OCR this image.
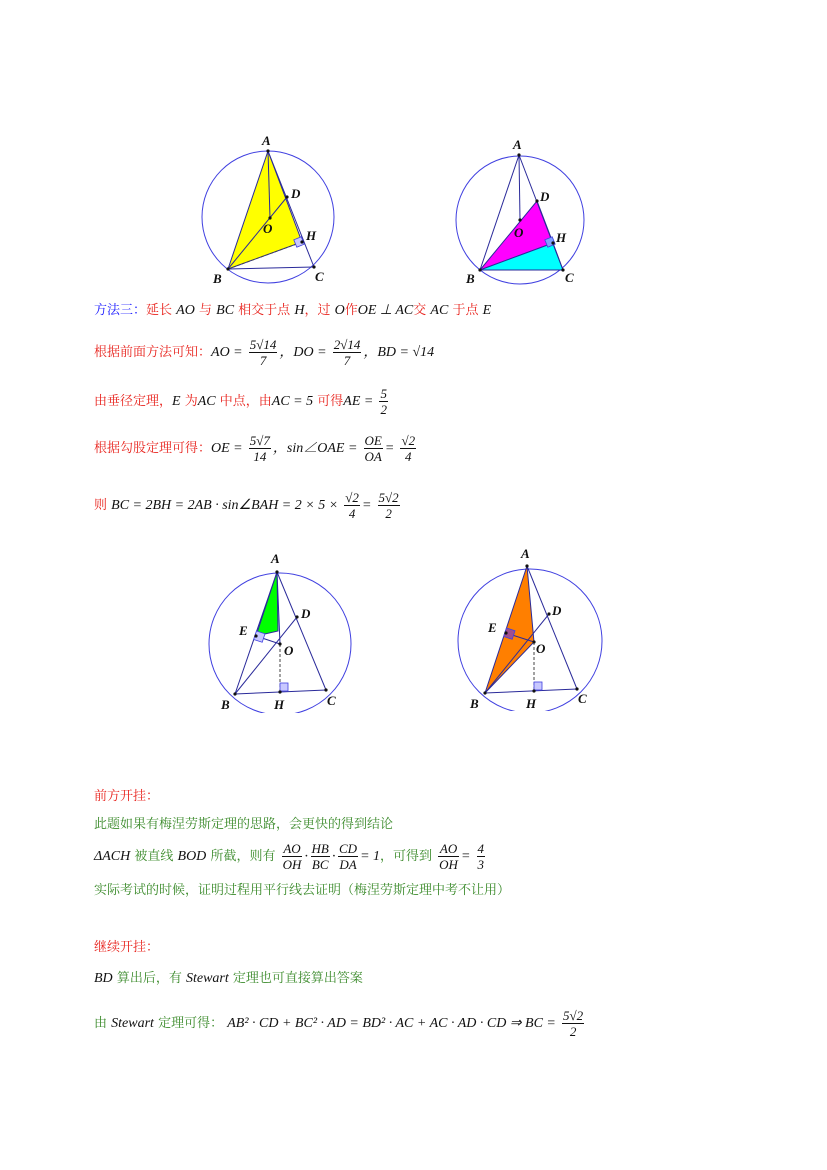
A
B	C
D
O	H
A
B	C
D
O	H
方法三：延长 AO 与 BC 相交于点 H，过 O作OE ⊥ AC交 AC 于点 E
根据前面方法可知：AO = $\frac{5√14}{7}$ ，DO = $\frac{2√14}{7}$ ，BD = √14
由垂径定理，E 为AC 中点，由AC = 5 可得AE = $\frac{5}{2}$
根据勾股定理可得：OE = $\frac{5√7}{14}$ ，sin∠OAE = $\frac{OE}{OA} = \frac{√2}{4}$
则 BC = 2BH = 2AB · sin∠BAH = $2 \times 5 \times \frac{√2}{4} = \frac{5√2}{2}$
A
B	C
D
O
E
H
A
B	C
D
O
E
H
前方开挂：
此题如果有梅涅劳斯定理的思路，会更快的得到结论
ΔACH 被直线 BOD 所截，则有 $\frac{AO}{OH} \cdot \frac{HB}{BC} \cdot \frac{CD}{DA} = 1$，可得到 $\frac{AO}{OH} = \frac{4}{3}$
实际考试的时候，证明过程用平行线去证明（梅涅劳斯定理中考不让用）
继续开挂：
BD 算出后，有 Stewart 定理也可直接算出答案
由 Stewart 定理可得： AB² · CD + BC² · AD = BD² · AC + AC · AD · CD ⇒ BC = $\frac{5√2}{2}$
